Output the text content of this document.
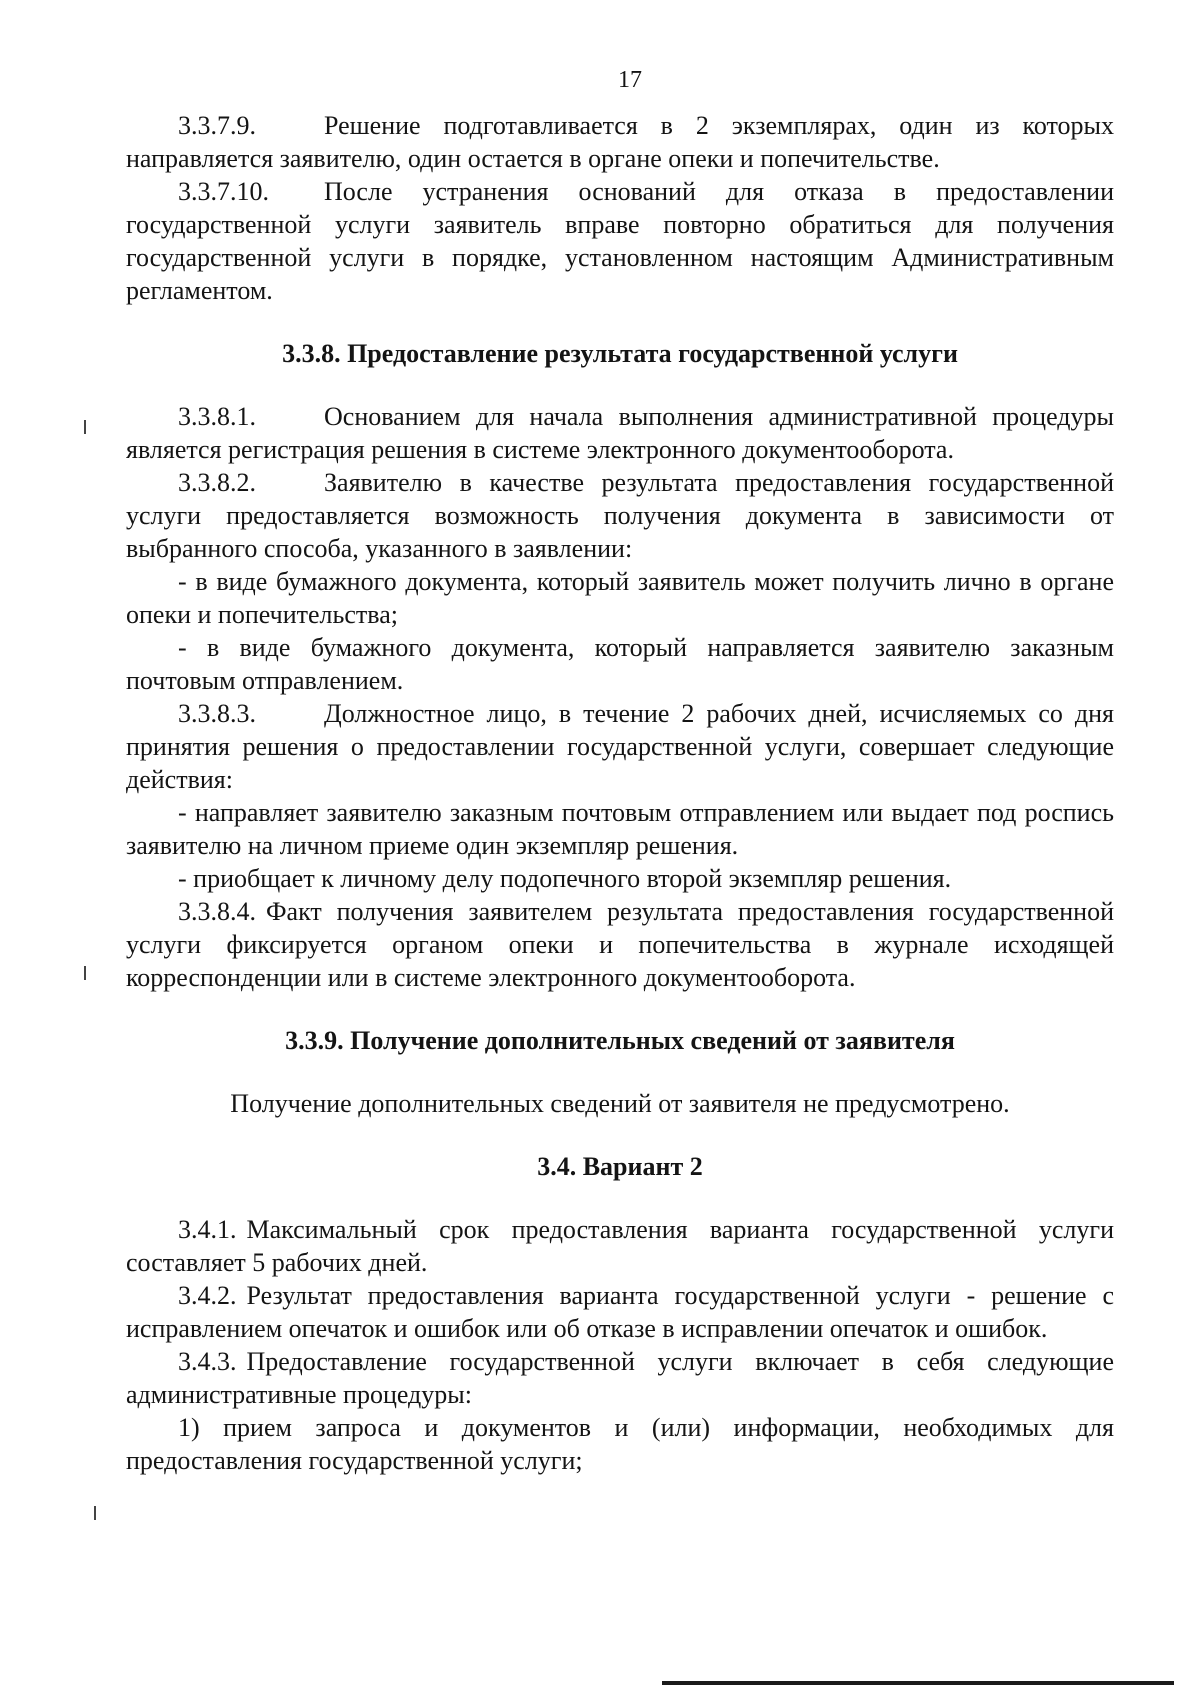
17

3.3.7.9.	Решение подготавливается в 2 экземплярах, один из которых направляется заявителю, один остается в органе опеки и попечительстве.

3.3.7.10. После устранения оснований для отказа в предоставлении государственной услуги заявитель вправе повторно обратиться для получения государственной услуги в порядке, установленном настоящим Административным регламентом.

3.3.8. Предоставление результата государственной услуги

3.3.8.1.	Основанием для начала выполнения административной процедуры является регистрация решения в системе электронного документооборота.

3.3.8.2.	Заявителю в качестве результата предоставления государственной услуги предоставляется возможность получения документа в зависимости от выбранного способа, указанного в заявлении:

- в виде бумажного документа, который заявитель может получить лично в органе опеки и попечительства;

- в виде бумажного документа, который направляется заявителю заказным почтовым отправлением.

3.3.8.3.	Должностное лицо, в течение 2 рабочих дней, исчисляемых со дня принятия решения о предоставлении государственной услуги, совершает следующие действия:

- направляет заявителю заказным почтовым отправлением или выдает под роспись заявителю на личном приеме один экземпляр решения.

- приобщает к личному делу подопечного второй экземпляр решения.

3.3.8.4. Факт получения заявителем результата предоставления государственной услуги фиксируется органом опеки и попечительства в журнале исходящей корреспонденции или в системе электронного документооборота.

3.3.9. Получение дополнительных сведений от заявителя

Получение дополнительных сведений от заявителя не предусмотрено.

3.4. Вариант 2

3.4.1. Максимальный срок предоставления варианта государственной услуги составляет 5 рабочих дней.

3.4.2. Результат предоставления варианта государственной услуги - решение с исправлением опечаток и ошибок или об отказе в исправлении опечаток и ошибок.

3.4.3. Предоставление государственной услуги включает в себя следующие административные процедуры:

1) прием запроса и документов и (или) информации, необходимых для предоставления государственной услуги;
